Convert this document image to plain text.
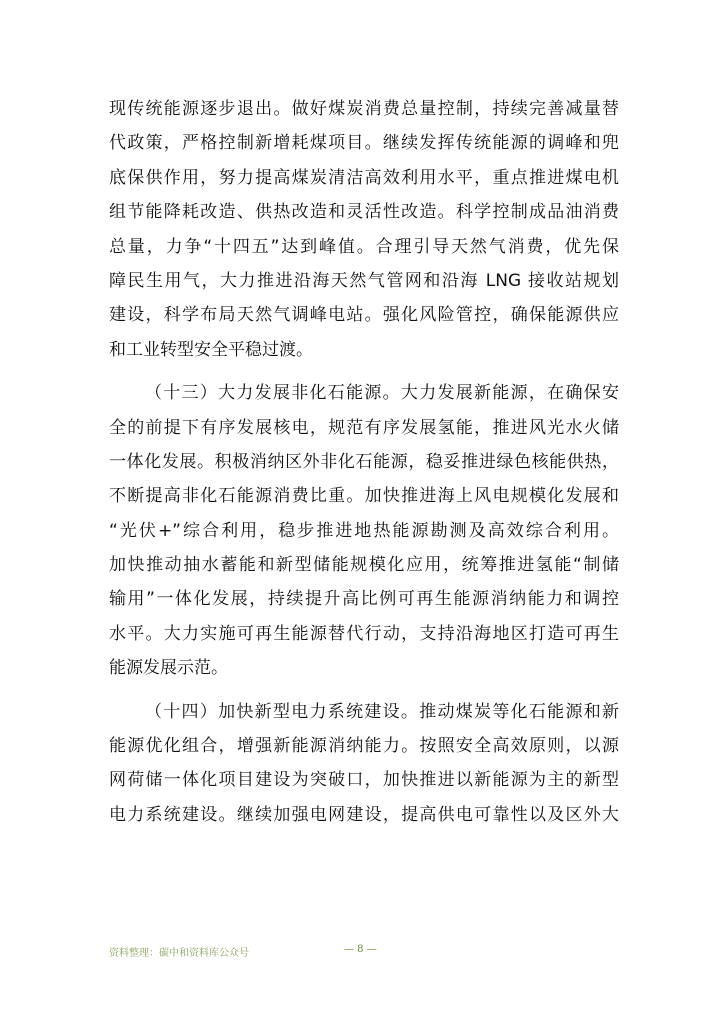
现传统能源逐步退出。做好煤炭消费总量控制，持续完善减量替
代政策，严格控制新增耗煤项目。继续发挥传统能源的调峰和兜
底保供作用，努力提高煤炭清洁高效利用水平，重点推进煤电机
组节能降耗改造、供热改造和灵活性改造。科学控制成品油消费
总量，力争“十四五”达到峰值。合理引导天然气消费，优先保
障民生用气，大力推进沿海天然气管网和沿海 LNG 接收站规划
建设，科学布局天然气调峰电站。强化风险管控，确保能源供应
和工业转型安全平稳过渡。
（十三）大力发展非化石能源。大力发展新能源，在确保安
全的前提下有序发展核电，规范有序发展氢能，推进风光水火储
一体化发展。积极消纳区外非化石能源，稳妥推进绿色核能供热，
不断提高非化石能源消费比重。加快推进海上风电规模化发展和
“光伏+”综合利用，稳步推进地热能源勘测及高效综合利用。
加快推动抽水蓄能和新型储能规模化应用，统筹推进氢能“制储
输用”一体化发展，持续提升高比例可再生能源消纳能力和调控
水平。大力实施可再生能源替代行动，支持沿海地区打造可再生
能源发展示范。
（十四）加快新型电力系统建设。推动煤炭等化石能源和新
能源优化组合，增强新能源消纳能力。按照安全高效原则，以源
网荷储一体化项目建设为突破口，加快推进以新能源为主的新型
电力系统建设。继续加强电网建设，提高供电可靠性以及区外大
资料整理：碳中和资料库公众号	— 8 —
